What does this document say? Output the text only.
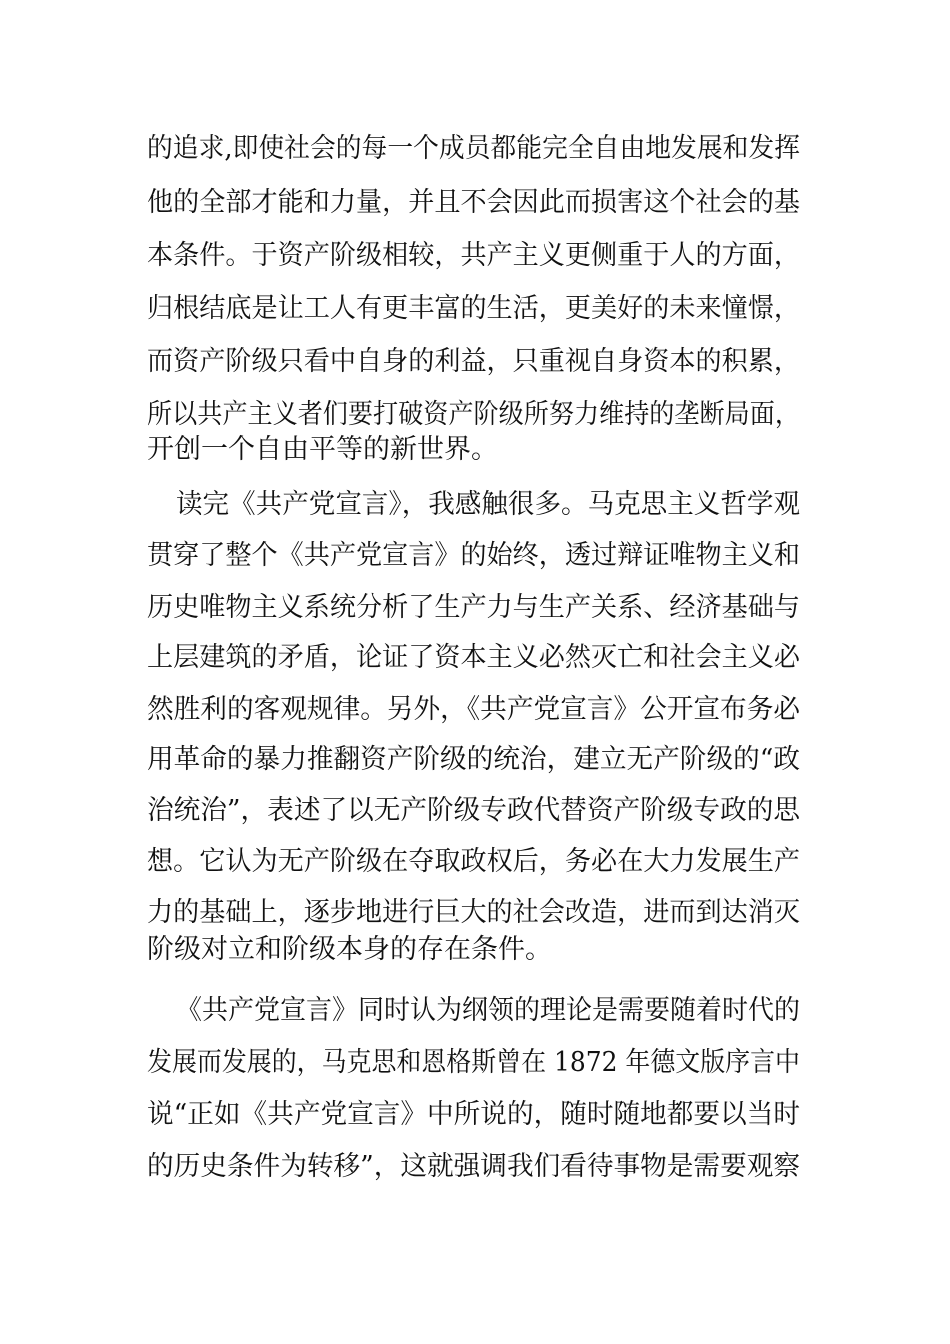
的追求,即使社会的每一个成员都能完全自由地发展和发挥
他的全部才能和力量，并且不会因此而损害这个社会的基
本条件。于资产阶级相较，共产主义更侧重于人的方面，
归根结底是让工人有更丰富的生活，更美好的未来憧憬，
而资产阶级只看中自身的利益，只重视自身资本的积累，
所以共产主义者们要打破资产阶级所努力维持的垄断局面，
开创一个自由平等的新世界。
读完《共产党宣言》，我感触很多。马克思主义哲学观
贯穿了整个《共产党宣言》的始终，透过辩证唯物主义和
历史唯物主义系统分析了生产力与生产关系、经济基础与
上层建筑的矛盾，论证了资本主义必然灭亡和社会主义必
然胜利的客观规律。另外，《共产党宣言》公开宣布务必
用革命的暴力推翻资产阶级的统治，建立无产阶级的“政
治统治”，表述了以无产阶级专政代替资产阶级专政的思
想。它认为无产阶级在夺取政权后，务必在大力发展生产
力的基础上，逐步地进行巨大的社会改造，进而到达消灭
阶级对立和阶级本身的存在条件。
《共产党宣言》同时认为纲领的理论是需要随着时代的
发展而发展的，马克思和恩格斯曾在 1872 年德文版序言中
说“正如《共产党宣言》中所说的，随时随地都要以当时
的历史条件为转移”，这就强调我们看待事物是需要观察
